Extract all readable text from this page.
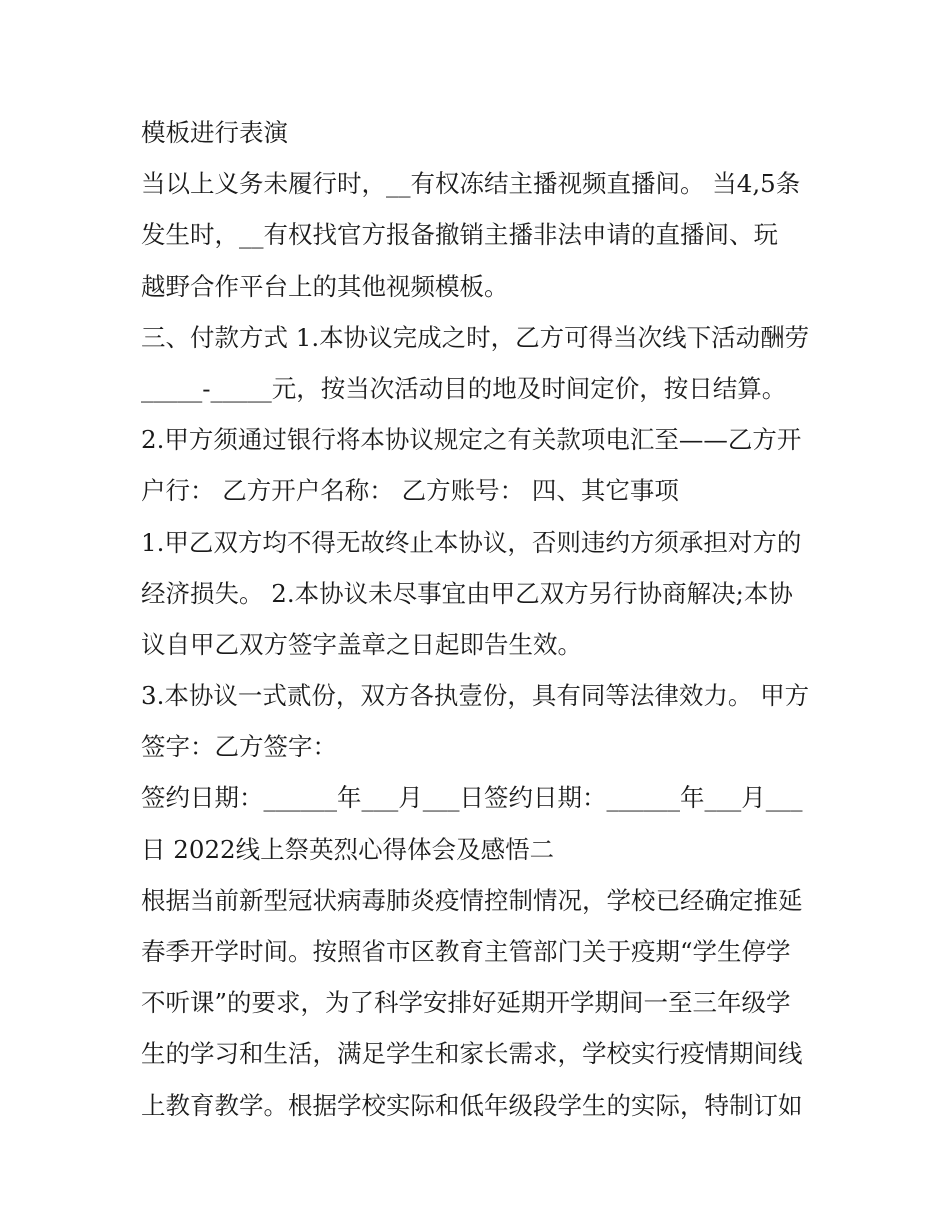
模板进行表演
当以上义务未履行时，__有权冻结主播视频直播间。 当4,5条
发生时，__有权找官方报备撤销主播非法申请的直播间、玩
越野合作平台上的其他视频模板。
三、付款方式 1.本协议完成之时，乙方可得当次线下活动酬劳
_____-_____元，按当次活动目的地及时间定价，按日结算。
2.甲方须通过银行将本协议规定之有关款项电汇至——乙方开
户行： 乙方开户名称： 乙方账号： 四、其它事项
1.甲乙双方均不得无故终止本协议，否则违约方须承担对方的
经济损失。 2.本协议未尽事宜由甲乙双方另行协商解决;本协
议自甲乙双方签字盖章之日起即告生效。
3.本协议一式贰份，双方各执壹份，具有同等法律效力。 甲方
签字：乙方签字：
签约日期：______年___月___日签约日期：______年___月___
日 2022线上祭英烈心得体会及感悟二
根据当前新型冠状病毒肺炎疫情控制情况，学校已经确定推延
春季开学时间。按照省市区教育主管部门关于疫期“学生停学
不听课”的要求，为了科学安排好延期开学期间一至三年级学
生的学习和生活，满足学生和家长需求，学校实行疫情期间线
上教育教学。根据学校实际和低年级段学生的实际，特制订如
